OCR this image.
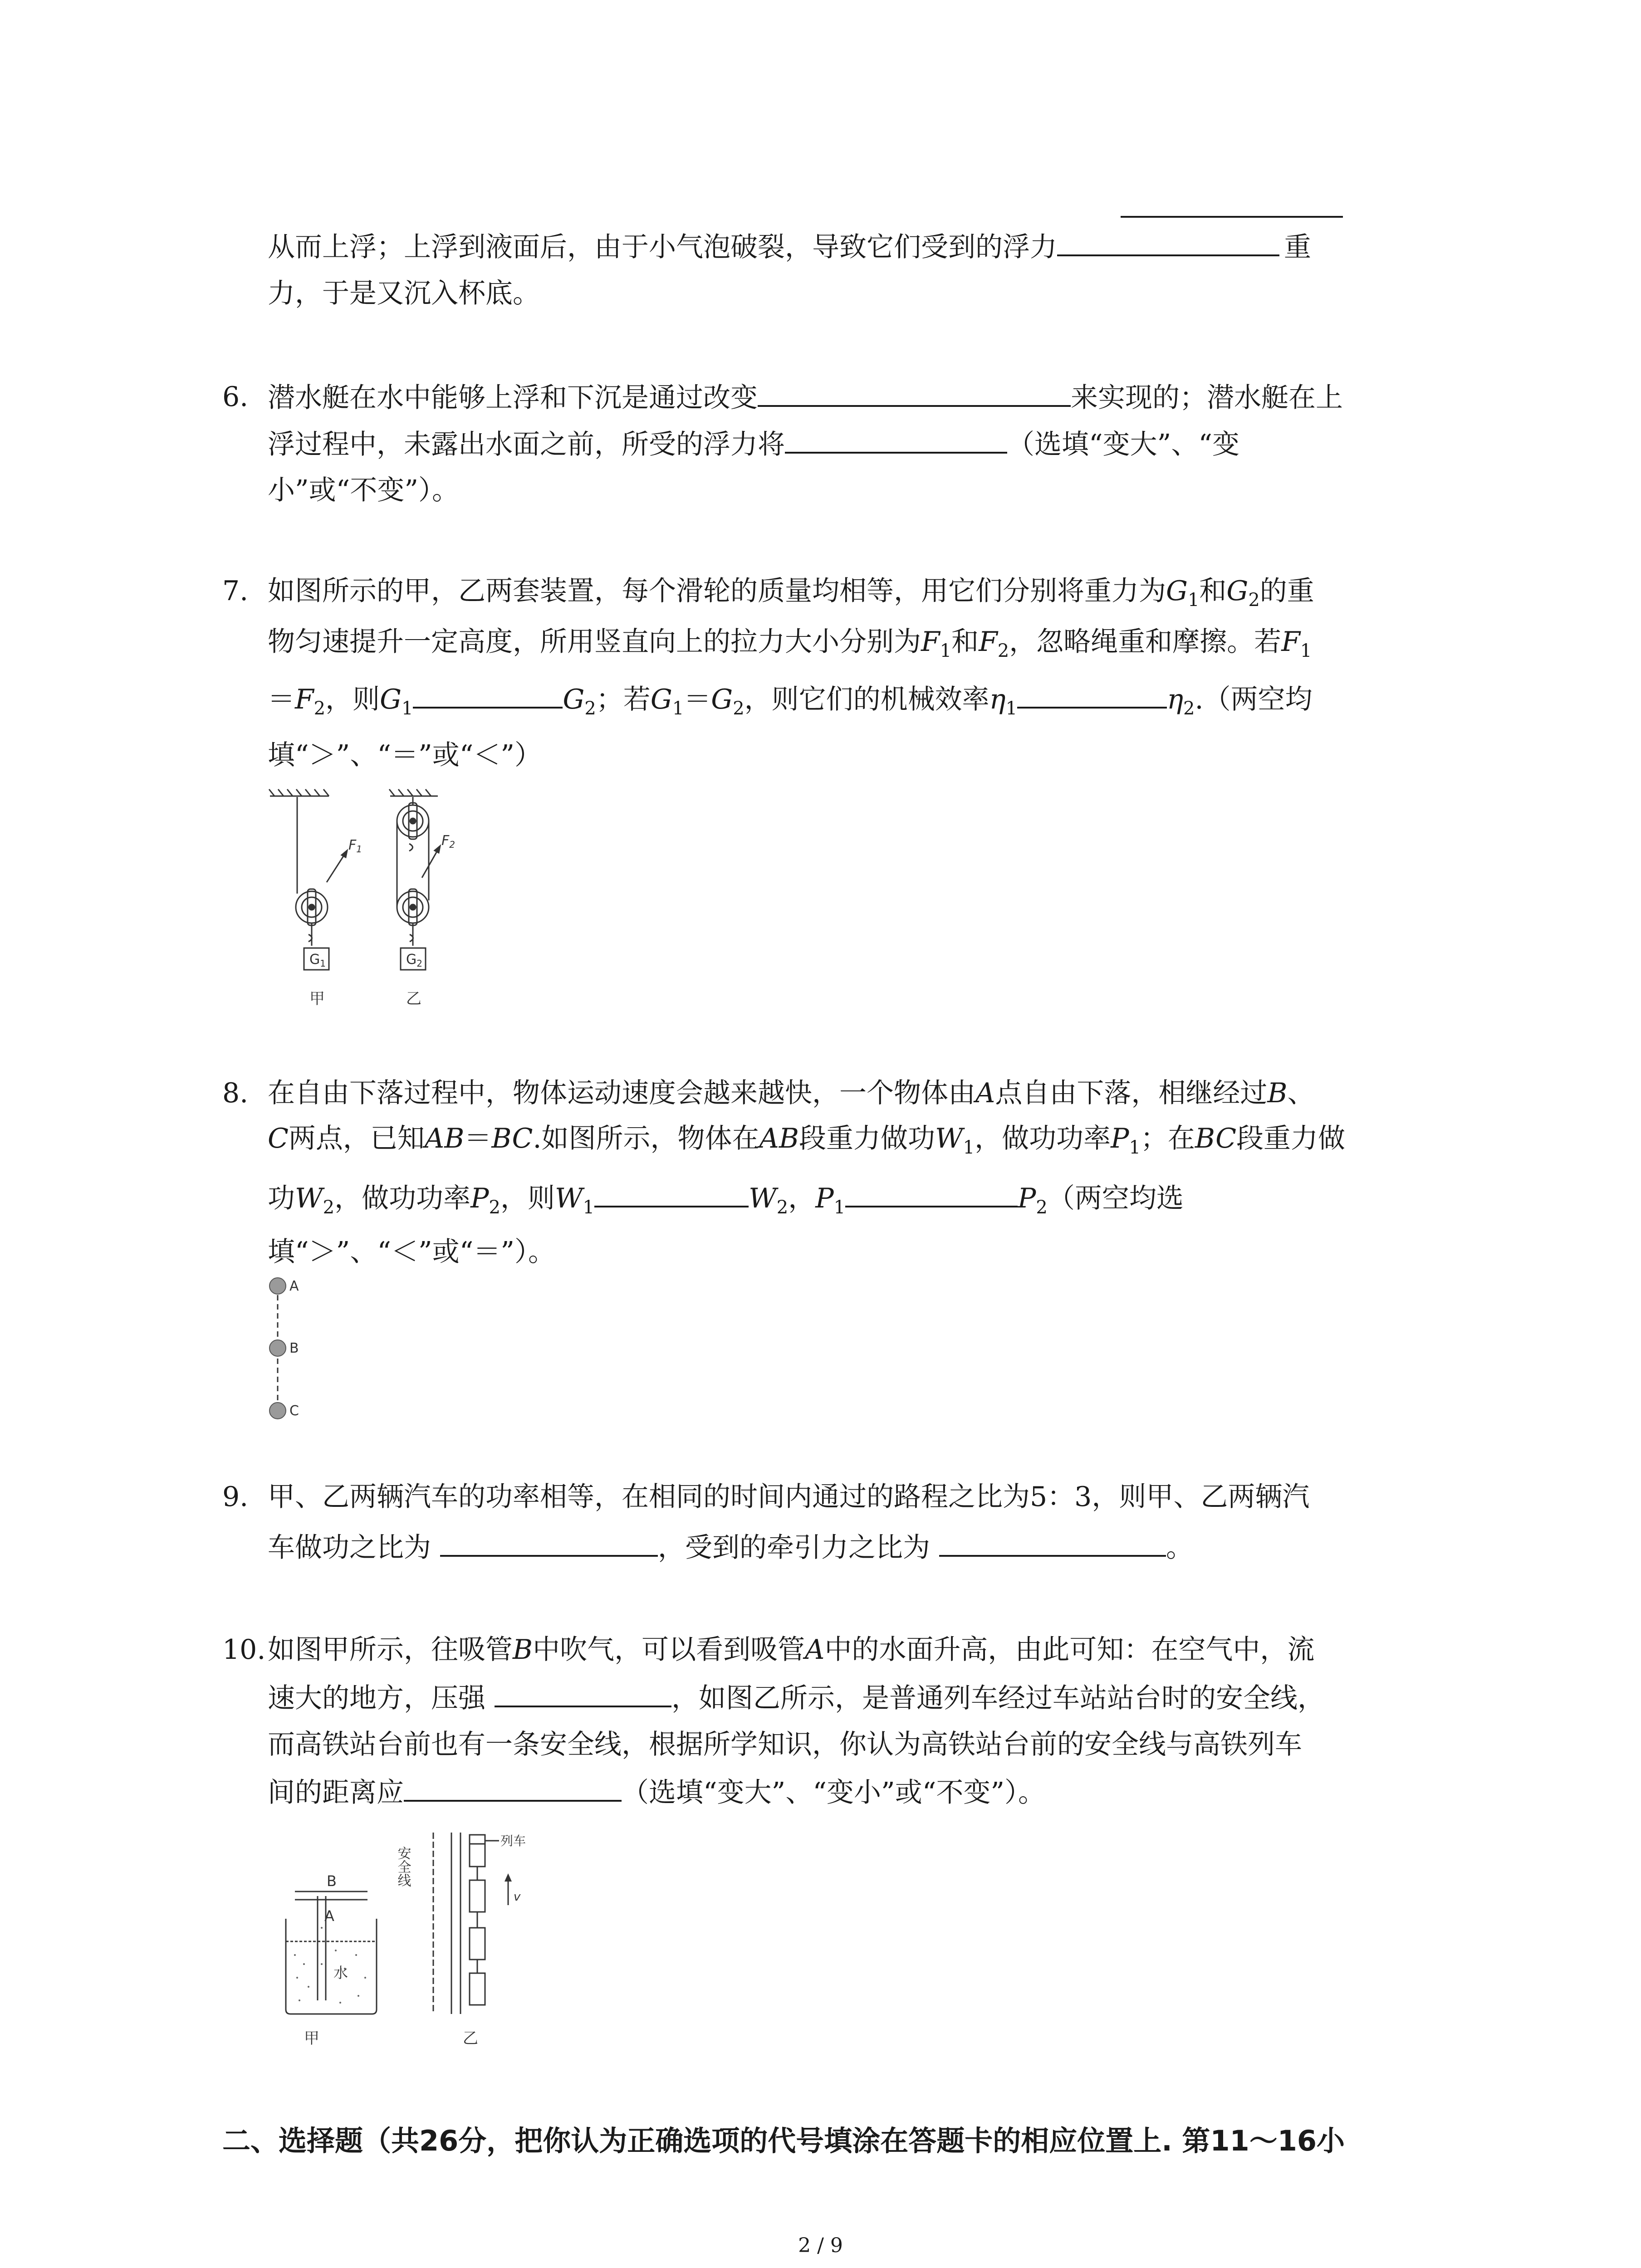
从而上浮；上浮到液面后，由于小气泡破裂，导致它们受到的浮力	重
力，于是又沉入杯底。
6. 潜水艇在水中能够上浮和下沉是通过改变	来实现的；潜水艇在上
浮过程中，未露出水面之前，所受的浮力将	（选填“变大”、“变
小”或“不变”）。
7. 如图所示的甲，乙两套装置，每个滑轮的质量均相等，用它们分别将重力为$G_1$和$G_2$的重
物匀速提升一定高度，所用竖直向上的拉力大小分别为$F_1$和$F_2$，忽略绳重和摩擦。若$F_1$
$=F_2$，则$G_1$	$G_2$；若$G_1=G_2$，则它们的机械效率$\eta_1$	$\eta_2$.（两空均
填“＞”、“＝”或“＜”）
$F_1$
$F_2$
$G_1$	$G_2$
甲	乙
8. 在自由下落过程中，物体运动速度会越来越快，一个物体由A点自由下落，相继经过B、
C两点，已知AB＝BC.如图所示，物体在AB段重力做功$W_1$，做功功率$P_1$；在BC段重力做
功$W_2$，做功功率$P_2$，则$W_1$	$W_2$，$P_1$	$P_2$（两空均选
填“＞”、“＜”或“＝”）。
A
B
C
9. 甲、乙两辆汽车的功率相等，在相同的时间内通过的路程之比为5：3，则甲、乙两辆汽
车做功之比为	，受到的牵引力之比为	。
10. 如图甲所示，往吸管B中吹气，可以看到吸管A中的水面升高，由此可知：在空气中，流
速大的地方，压强	，如图乙所示，是普通列车经过车站站台时的安全线，
而高铁站台前也有一条安全线，根据所学知识，你认为高铁站台前的安全线与高铁列车
间的距离应	（选填“变大”、“变小”或“不变”）。
B
A
水
甲
安全线
列车
v
乙
二、选择题（共26分，把你认为正确选项的代号填涂在答题卡的相应位置上. 第11～16小
2 / 9
